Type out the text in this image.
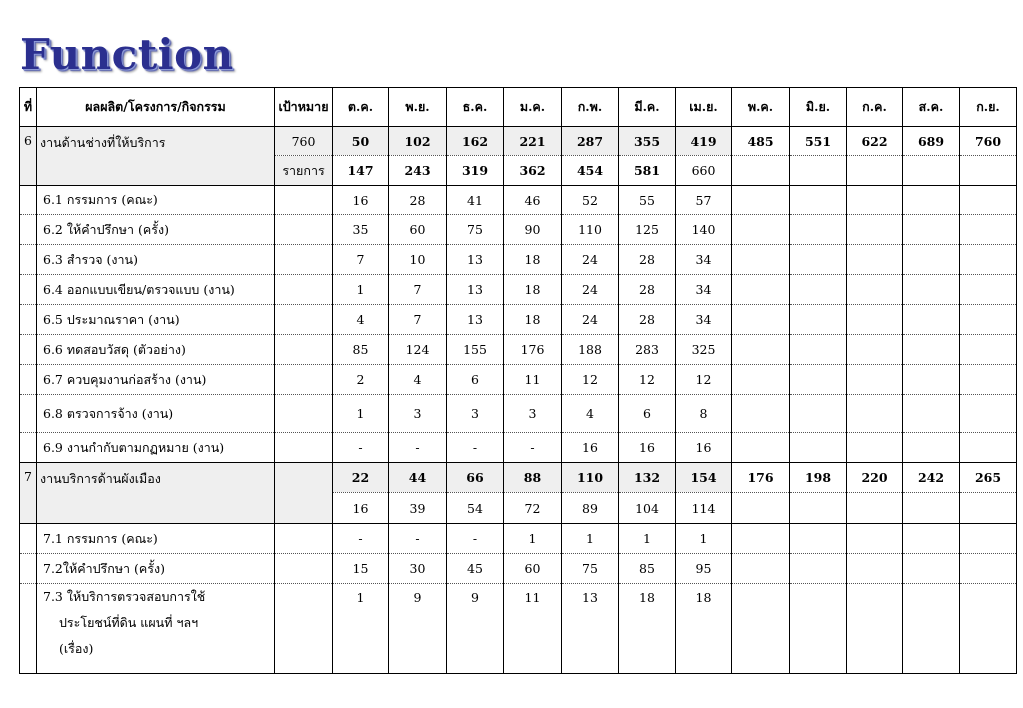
Function
ที่	ผลผลิต/โครงการ/กิจกรรม	เป้าหมาย	ต.ค.	พ.ย.	ธ.ค.	ม.ค.	ก.พ.	มี.ค.	เม.ย.	พ.ค.	มิ.ย.	ก.ค.	ส.ค.	ก.ย.
6	งานด้านช่างที่ให้บริการ	760	50	102	162	221	287	355	419	485	551	622	689	760
		รายการ	147	243	319	362	454	581	660					
	6.1 กรรมการ (คณะ)		16	28	41	46	52	55	57					
	6.2 ให้คำปรึกษา (ครั้ง)		35	60	75	90	110	125	140					
	6.3 สำรวจ (งาน)		7	10	13	18	24	28	34					
	6.4 ออกแบบเขียน/ตรวจแบบ (งาน)		1	7	13	18	24	28	34					
	6.5 ประมาณราคา (งาน)		4	7	13	18	24	28	34					
	6.6 ทดสอบวัสดุ (ตัวอย่าง)		85	124	155	176	188	283	325					
	6.7 ควบคุมงานก่อสร้าง (งาน)		2	4	6	11	12	12	12					
	6.8 ตรวจการจ้าง (งาน)		1	3	3	3	4	6	8					
	6.9 งานกำกับตามกฏหมาย (งาน)		-	-	-	-	16	16	16					
7	งานบริการด้านผังเมือง		22	44	66	88	110	132	154	176	198	220	242	265
			16	39	54	72	89	104	114					
	7.1 กรรมการ (คณะ)		-	-	-	1	1	1	1					
	7.2ให้คำปรึกษา (ครั้ง)		15	30	45	60	75	85	95					

	7.3 ให้บริการตรวจสอบการใช้
ประโยชน์ที่ดิน แผนที่ ฯลฯ
(เรื่อง)		1	9	9	11	13	18	18					
